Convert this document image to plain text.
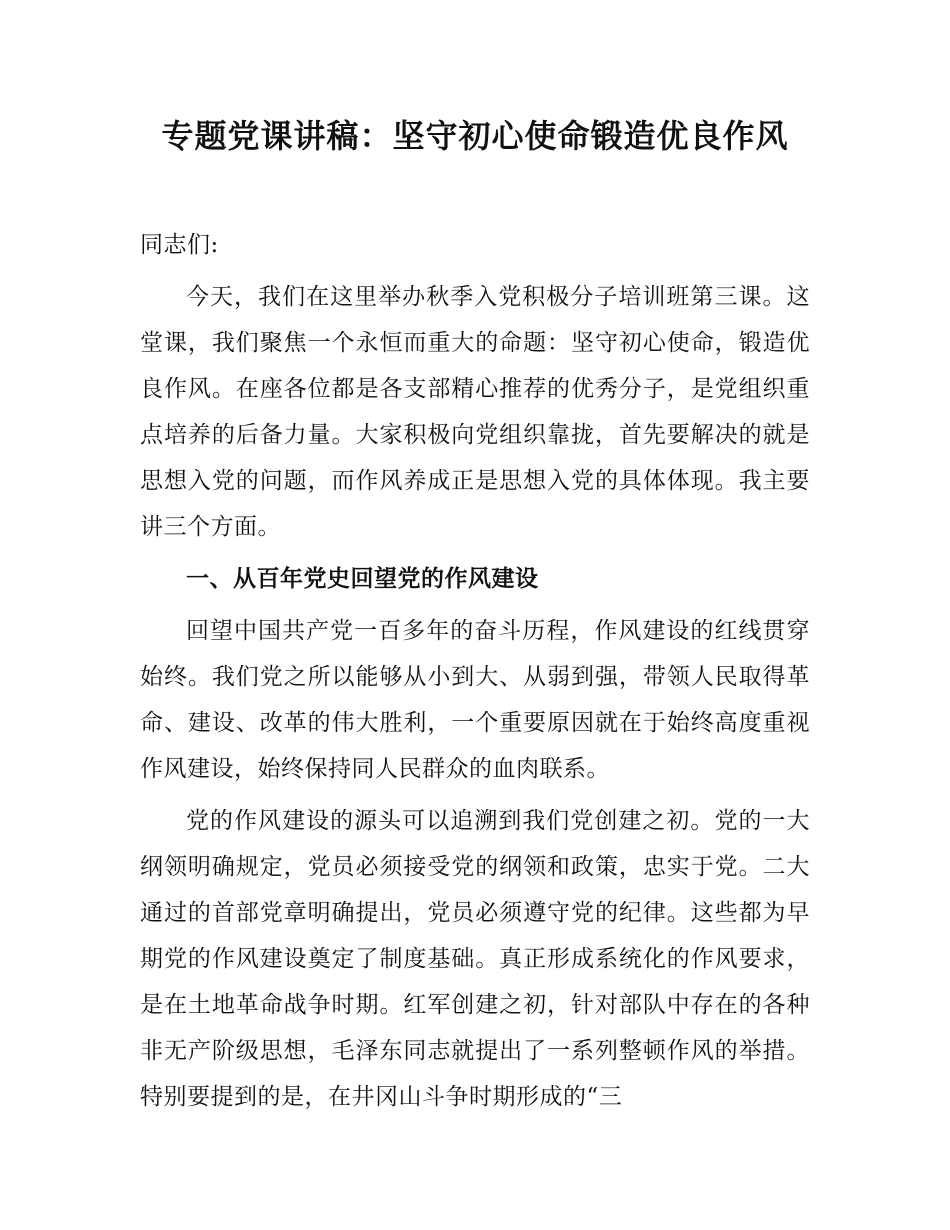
专题党课讲稿：坚守初心使命锻造优良作风

同志们:

今天，我们在这里举办秋季入党积极分子培训班第三课。这堂课，我们聚焦一个永恒而重大的命题：坚守初心使命，锻造优良作风。在座各位都是各支部精心推荐的优秀分子，是党组织重点培养的后备力量。大家积极向党组织靠拢，首先要解决的就是思想入党的问题，而作风养成正是思想入党的具体体现。我主要讲三个方面。

一、从百年党史回望党的作风建设

回望中国共产党一百多年的奋斗历程，作风建设的红线贯穿始终。我们党之所以能够从小到大、从弱到强，带领人民取得革命、建设、改革的伟大胜利，一个重要原因就在于始终高度重视作风建设，始终保持同人民群众的血肉联系。

党的作风建设的源头可以追溯到我们党创建之初。党的一大纲领明确规定，党员必须接受党的纲领和政策，忠实于党。二大通过的首部党章明确提出，党员必须遵守党的纪律。这些都为早期党的作风建设奠定了制度基础。真正形成系统化的作风要求，是在土地革命战争时期。红军创建之初，针对部队中存在的各种非无产阶级思想，毛泽东同志就提出了一系列整顿作风的举措。特别要提到的是，在井冈山斗争时期形成的“三
